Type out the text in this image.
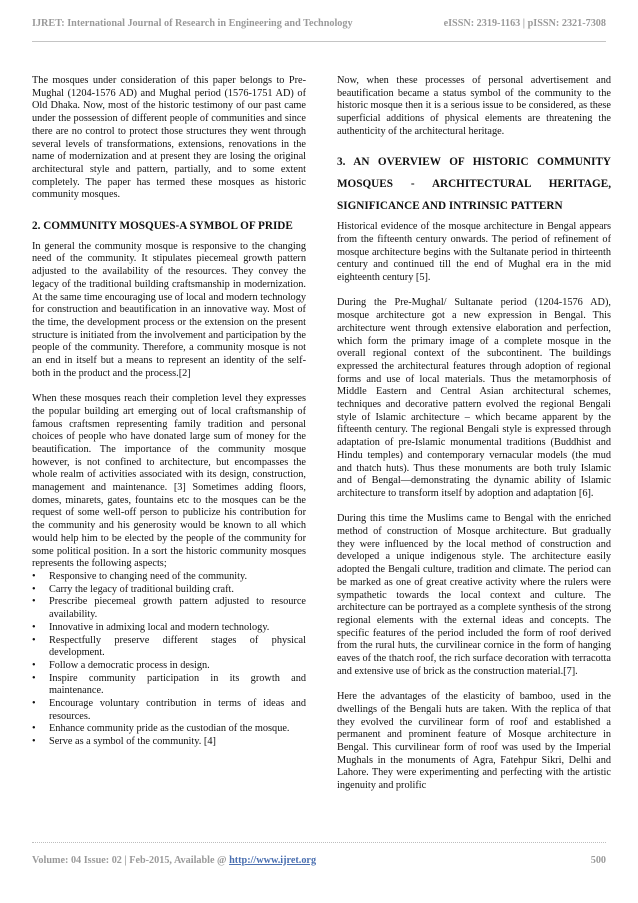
IJRET: International Journal of Research in Engineering and Technology	eISSN: 2319-1163 | pISSN: 2321-7308

The mosques under consideration of this paper belongs to Pre-Mughal (1204-1576 AD) and Mughal period (1576-1751 AD) of Old Dhaka. Now, most of the historic testimony of our past came under the possession of different people of communities and since there are no control to protect those structures they went through several levels of transformations, extensions, renovations in the name of modernization and at present they are losing the original architectural style and pattern, partially, and to some extent completely. The paper has termed these mosques as historic community mosques.

2. COMMUNITY MOSQUES-A SYMBOL OF PRIDE

In general the community mosque is responsive to the changing need of the community. It stipulates piecemeal growth pattern adjusted to the availability of the resources. They convey the legacy of the traditional building craftsmanship in modernization. At the same time encouraging use of local and modern technology for construction and beautification in an innovative way. Most of the time, the development process or the extension on the present structure is initiated from the involvement and participation by the people of the community. Therefore, a community mosque is not an end in itself but a means to represent an identity of the self-both in the product and the process.[2]

When these mosques reach their completion level they expresses the popular building art emerging out of local craftsmanship of famous craftsmen representing family tradition and personal choices of people who have donated large sum of money for the beautification. The importance of the community mosque however, is not confined to architecture, but encompasses the whole realm of activities associated with its design, construction, management and maintenance. [3] Sometimes adding floors, domes, minarets, gates, fountains etc to the mosques can be the request of some well-off person to publicize his contribution for the community and his generosity would be known to all which would help him to be elected by the people of the community for some political position. In a sort the historic community mosques represents the following aspects;

• Responsive to changing need of the community.
• Carry the legacy of traditional building craft.
• Prescribe piecemeal growth pattern adjusted to resource availability.
• Innovative in admixing local and modern technology.
• Respectfully preserve different stages of physical development.
• Follow a democratic process in design.
• Inspire community participation in its growth and maintenance.
• Encourage voluntary contribution in terms of ideas and resources.
• Enhance community pride as the custodian of the mosque.
• Serve as a symbol of the community. [4]

Now, when these processes of personal advertisement and beautification became a status symbol of the community to the historic mosque then it is a serious issue to be considered, as these superficial additions of physical elements are threatening the authenticity of the architectural heritage.

3. AN OVERVIEW OF HISTORIC COMMUNITY MOSQUES - ARCHITECTURAL HERITAGE, SIGNIFICANCE AND INTRINSIC PATTERN

Historical evidence of the mosque architecture in Bengal appears from the fifteenth century onwards. The period of refinement of mosque architecture begins with the Sultanate period in thirteenth century and continued till the end of Mughal era in the mid eighteenth century [5].

During the Pre-Mughal/ Sultanate period (1204-1576 AD), mosque architecture got a new expression in Bengal. This architecture went through extensive elaboration and perfection, which form the primary image of a complete mosque in the overall regional context of the subcontinent. The buildings expressed the architectural features through adoption of regional forms and use of local materials. Thus the metamorphosis of Middle Eastern and Central Asian architectural schemes, techniques and decorative pattern evolved the regional Bengali style of Islamic architecture – which became apparent by the fifteenth century. The regional Bengali style is expressed through adaptation of pre-Islamic monumental traditions (Buddhist and Hindu temples) and contemporary vernacular models (the mud and thatch huts). Thus these monuments are both truly Islamic and of Bengal—demonstrating the dynamic ability of Islamic architecture to transform itself by adoption and adaptation [6].

During this time the Muslims came to Bengal with the enriched method of construction of Mosque architecture. But gradually they were influenced by the local method of construction and developed a unique indigenous style. The architecture easily adopted the Bengali culture, tradition and climate. The period can be marked as one of great creative activity where the rulers were sympathetic towards the local context and culture. The architecture can be portrayed as a complete synthesis of the strong regional elements with the external ideas and concepts. The specific features of the period included the form of roof derived from the rural huts, the curvilinear cornice in the form of hanging eaves of the thatch roof, the rich surface decoration with terracotta and extensive use of brick as the construction material.[7].

Here the advantages of the elasticity of bamboo, used in the dwellings of the Bengali huts are taken. With the replica of that they evolved the curvilinear form of roof and established a permanent and prominent feature of Mosque architecture in Bengal. This curvilinear form of roof was used by the Imperial Mughals in the monuments of Agra, Fatehpur Sikri, Delhi and Lahore. They were experimenting and perfecting with the artistic ingenuity and prolific

Volume: 04 Issue: 02 | Feb-2015, Available @ http://www.ijret.org	500
